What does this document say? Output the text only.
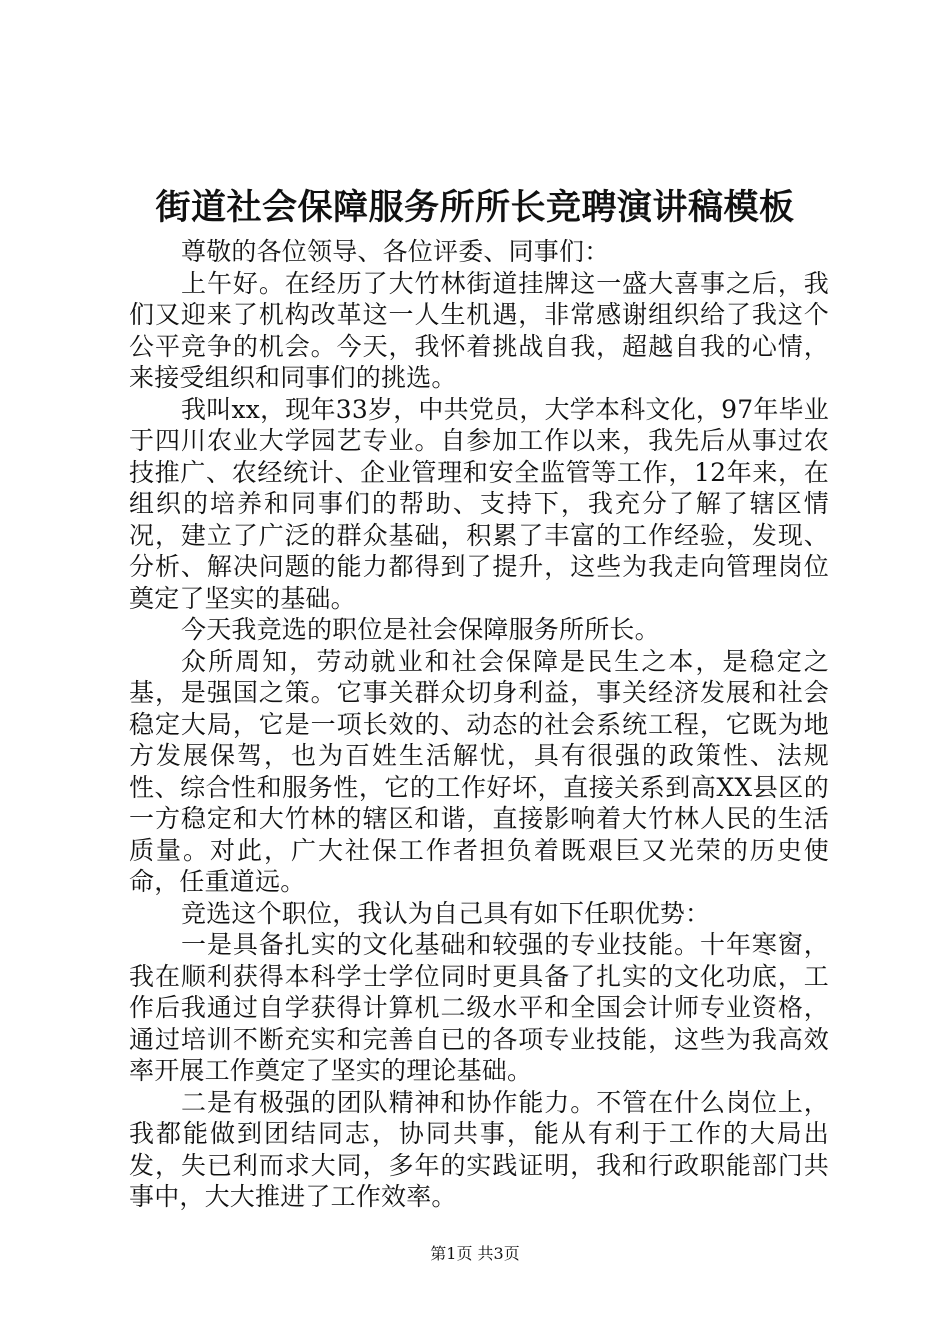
街道社会保障服务所所长竞聘演讲稿模板

尊敬的各位领导、各位评委、同事们：

上午好。在经历了大竹林街道挂牌这一盛大喜事之后，我们又迎来了机构改革这一人生机遇，非常感谢组织给了我这个公平竞争的机会。今天，我怀着挑战自我，超越自我的心情，来接受组织和同事们的挑选。

我叫xx，现年33岁，中共党员，大学本科文化，97年毕业于四川农业大学园艺专业。自参加工作以来，我先后从事过农技推广、农经统计、企业管理和安全监管等工作，12年来，在组织的培养和同事们的帮助、支持下，我充分了解了辖区情况，建立了广泛的群众基础，积累了丰富的工作经验，发现、分析、解决问题的能力都得到了提升，这些为我走向管理岗位奠定了坚实的基础。

今天我竞选的职位是社会保障服务所所长。

众所周知，劳动就业和社会保障是民生之本，是稳定之基，是强国之策。它事关群众切身利益，事关经济发展和社会稳定大局，它是一项长效的、动态的社会系统工程，它既为地方发展保驾，也为百姓生活解忧，具有很强的政策性、法规性、综合性和服务性，它的工作好坏，直接关系到高XX县区的一方稳定和大竹林的辖区和谐，直接影响着大竹林人民的生活质量。对此，广大社保工作者担负着既艰巨又光荣的历史使命，任重道远。

竞选这个职位，我认为自己具有如下任职优势：

一是具备扎实的文化基础和较强的专业技能。十年寒窗，我在顺利获得本科学士学位同时更具备了扎实的文化功底，工作后我通过自学获得计算机二级水平和全国会计师专业资格，通过培训不断充实和完善自已的各项专业技能，这些为我高效率开展工作奠定了坚实的理论基础。

二是有极强的团队精神和协作能力。不管在什么岗位上，我都能做到团结同志，协同共事，能从有利于工作的大局出发，失已利而求大同，多年的实践证明，我和行政职能部门共事中，大大推进了工作效率。

第1页 共3页
